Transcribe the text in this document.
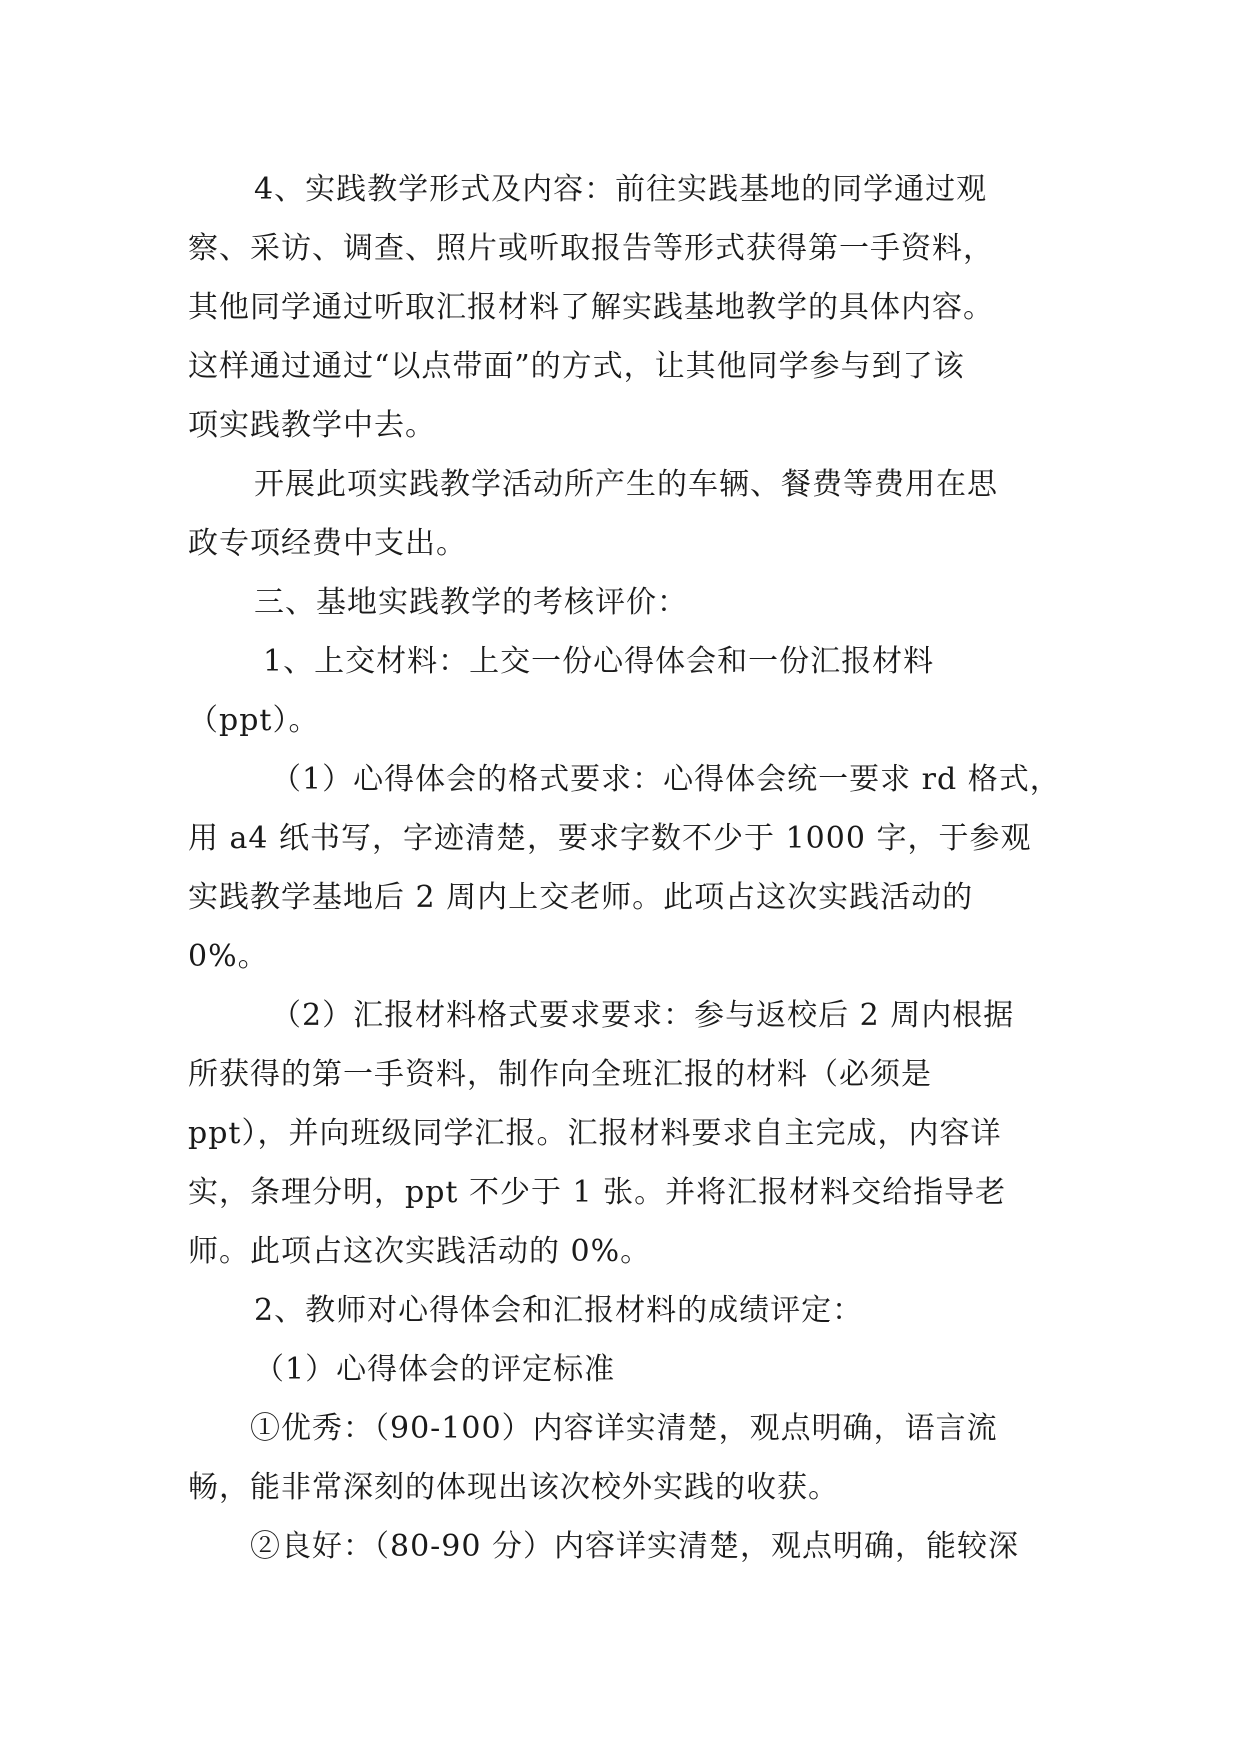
4、实践教学形式及内容：前往实践基地的同学通过观
察、采访、调查、照片或听取报告等形式获得第一手资料，
其他同学通过听取汇报材料了解实践基地教学的具体内容。
这样通过通过“以点带面”的方式，让其他同学参与到了该
项实践教学中去。
开展此项实践教学活动所产生的车辆、餐费等费用在思
政专项经费中支出。
三、基地实践教学的考核评价：
1、上交材料：上交一份心得体会和一份汇报材料
（ppt）。
（1）心得体会的格式要求：心得体会统一要求 rd 格式，
用 a4 纸书写，字迹清楚，要求字数不少于 1000 字，于参观
实践教学基地后 2 周内上交老师。此项占这次实践活动的
0%。
（2）汇报材料格式要求要求：参与返校后 2 周内根据
所获得的第一手资料，制作向全班汇报的材料（必须是
ppt），并向班级同学汇报。汇报材料要求自主完成，内容详
实，条理分明，ppt 不少于 1 张。并将汇报材料交给指导老
师。此项占这次实践活动的 0%。
2、教师对心得体会和汇报材料的成绩评定：
（1）心得体会的评定标准
①优秀：（90-100）内容详实清楚，观点明确，语言流
畅，能非常深刻的体现出该次校外实践的收获。
②良好：（80-90 分）内容详实清楚，观点明确，能较深
